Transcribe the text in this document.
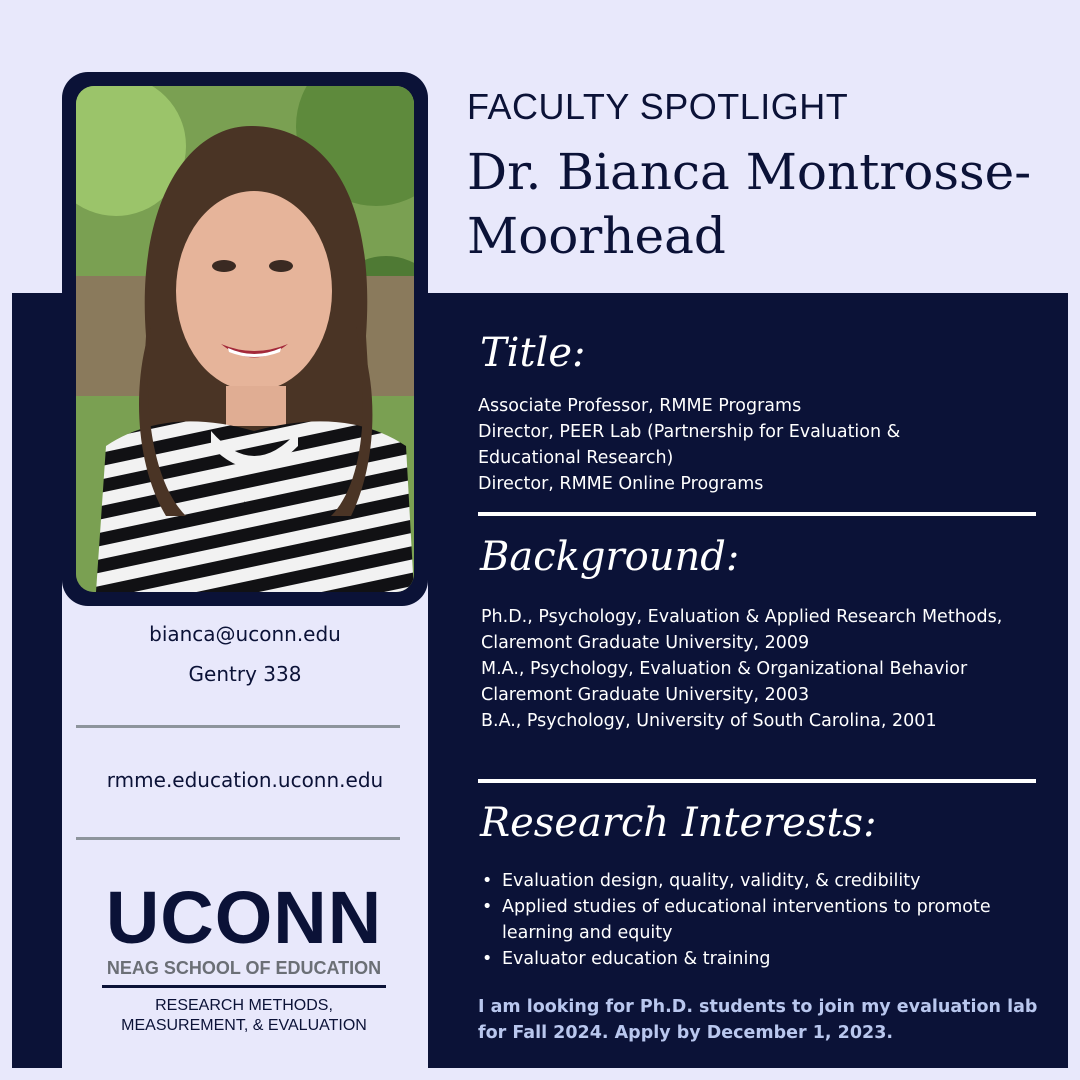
bianca@uconn.edu
Gentry 338
rmme.education.uconn.edu
UCONN
NEAG SCHOOL OF EDUCATION
RESEARCH METHODS,
MEASUREMENT, & EVALUATION
FACULTY SPOTLIGHT
Dr. Bianca Montrosse-Moorhead
Title:
Associate Professor, RMME Programs
Director, PEER Lab (Partnership for Evaluation &
Educational Research)
Director, RMME Online Programs
Background:
Ph.D., Psychology, Evaluation & Applied Research Methods,
Claremont Graduate University, 2009
M.A., Psychology, Evaluation & Organizational Behavior
Claremont Graduate University, 2003
B.A., Psychology, University of South Carolina, 2001
Research Interests:
• Evaluation design, quality, validity, & credibility
• Applied studies of educational interventions to promote learning and equity
• Evaluator education & training
I am looking for Ph.D. students to join my evaluation lab for Fall 2024. Apply by December 1, 2023.
